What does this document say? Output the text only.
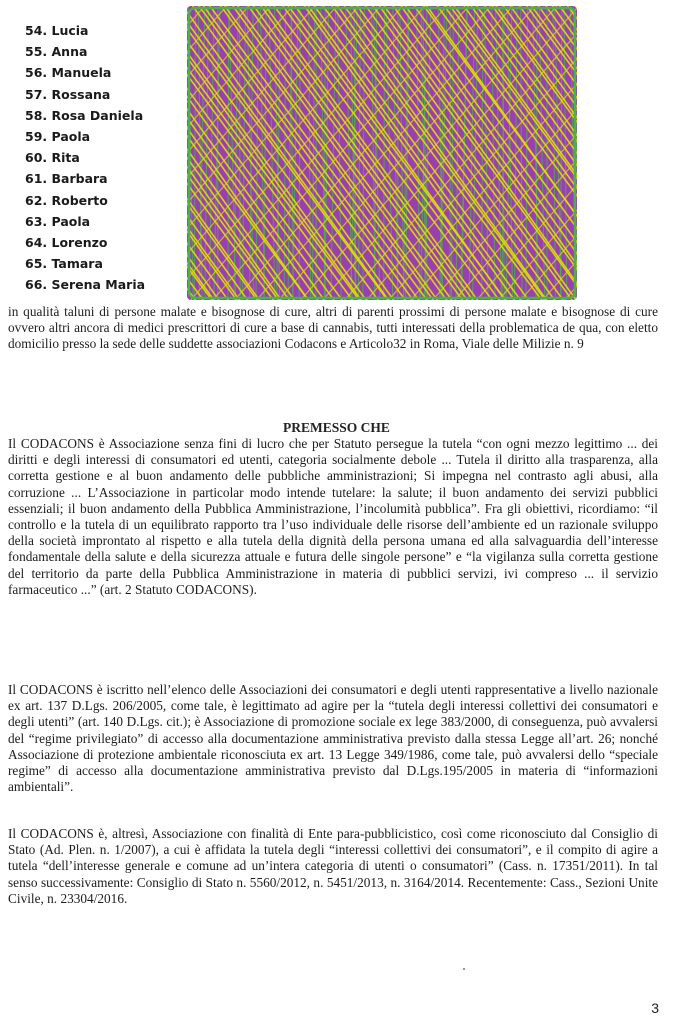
54. Lucia
55. Anna
56. Manuela
57. Rossana
58. Rosa Daniela
59. Paola
60. Rita
61. Barbara
62. Roberto
63. Paola
64. Lorenzo
65. Tamara
66. Serena Maria

in qualità taluni di persone malate e bisognose di cure, altri di parenti prossimi di persone malate e bisognose di cure ovvero altri ancora di medici prescrittori di cure a base di cannabis, tutti interessati della problematica de qua, con eletto domicilio presso la sede delle suddette associazioni Codacons e Articolo32 in Roma, Viale delle Milizie n. 9

PREMESSO CHE

Il CODACONS è Associazione senza fini di lucro che per Statuto persegue la tutela “con ogni mezzo legittimo ... dei diritti e degli interessi di consumatori ed utenti, categoria socialmente debole ... Tutela il diritto alla trasparenza, alla corretta gestione e al buon andamento delle pubbliche amministrazioni; Si impegna nel contrasto agli abusi, alla corruzione ... L’Associazione in particolar modo intende tutelare: la salute; il buon andamento dei servizi pubblici essenziali; il buon andamento della Pubblica Amministrazione, l’incolumità pubblica”. Fra gli obiettivi, ricordiamo: “il controllo e la tutela di un equilibrato rapporto tra l’uso individuale delle risorse dell’ambiente ed un razionale sviluppo della società improntato al rispetto e alla tutela della dignità della persona umana ed alla salvaguardia dell’interesse fondamentale della salute e della sicurezza attuale e futura delle singole persone” e “la vigilanza sulla corretta gestione del territorio da parte della Pubblica Amministrazione in materia di pubblici servizi, ivi compreso ... il servizio farmaceutico ...” (art. 2 Statuto CODACONS).

Il CODACONS è iscritto nell’elenco delle Associazioni dei consumatori e degli utenti rappresentative a livello nazionale ex art. 137 D.Lgs. 206/2005, come tale, è legittimato ad agire per la “tutela degli interessi collettivi dei consumatori e degli utenti” (art. 140 D.Lgs. cit.); è Associazione di promozione sociale ex lege 383/2000, di conseguenza, può avvalersi del “regime privilegiato” di accesso alla documentazione amministrativa previsto dalla stessa Legge all’art. 26; nonché Associazione di protezione ambientale riconosciuta ex art. 13 Legge 349/1986, come tale, può avvalersi dello “speciale regime” di accesso alla documentazione amministrativa previsto dal D.Lgs.195/2005 in materia di “informazioni ambientali”.

Il CODACONS è, altresì, Associazione con finalità di Ente para-pubblicistico, così come riconosciuto dal Consiglio di Stato (Ad. Plen. n. 1/2007), a cui è affidata la tutela degli “interessi collettivi dei consumatori”, e il compito di agire a tutela “dell’interesse generale e comune ad un’intera categoria di utenti o consumatori” (Cass. n. 17351/2011). In tal senso successivamente: Consiglio di Stato n. 5560/2012, n. 5451/2013, n. 3164/2014. Recentemente: Cass., Sezioni Unite Civile, n. 23304/2016.

3
